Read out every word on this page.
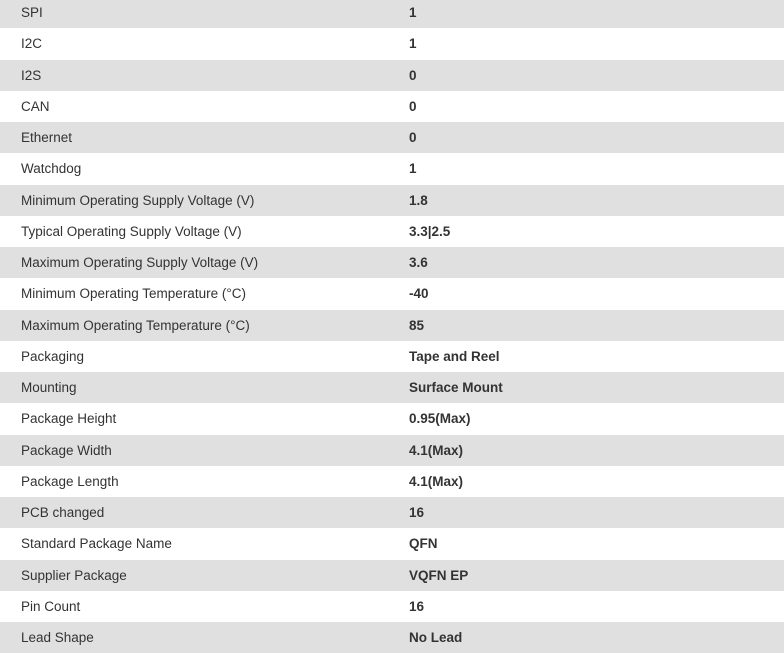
SPI	1
I2C	1
I2S	0
CAN	0
Ethernet	0
Watchdog	1
Minimum Operating Supply Voltage (V)	1.8
Typical Operating Supply Voltage (V)	3.3|2.5
Maximum Operating Supply Voltage (V)	3.6
Minimum Operating Temperature (°C)	-40
Maximum Operating Temperature (°C)	85
Packaging	Tape and Reel
Mounting	Surface Mount
Package Height	0.95(Max)
Package Width	4.1(Max)
Package Length	4.1(Max)
PCB changed	16
Standard Package Name	QFN
Supplier Package	VQFN EP
Pin Count	16
Lead Shape	No Lead
